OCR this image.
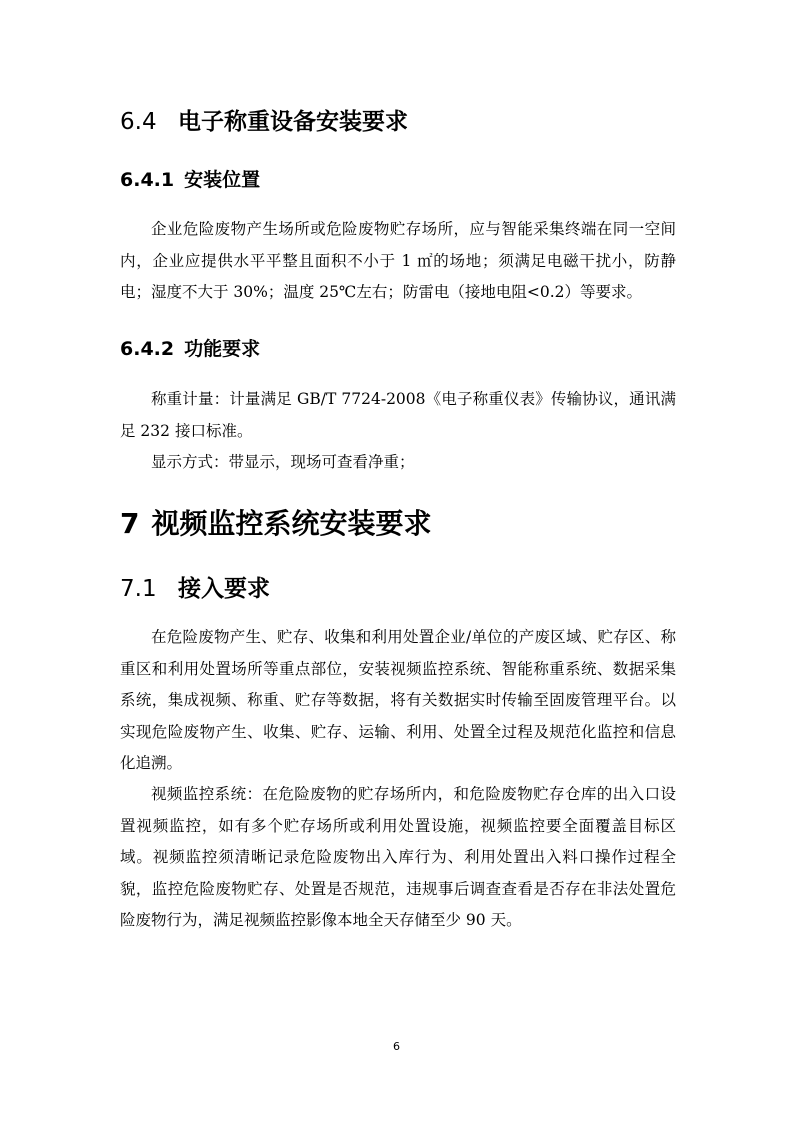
6.4 电子称重设备安装要求
6.4.1 安装位置

企业危险废物产生场所或危险废物贮存场所，应与智能采集终端在同一空间内，企业应提供水平平整且面积不小于 1 ㎡的场地；须满足电磁干扰小，防静电；湿度不大于 30%；温度 25℃左右；防雷电（接地电阻<0.2）等要求。

6.4.2 功能要求

称重计量：计量满足 GB/T 7724-2008《电子称重仪表》传输协议，通讯满足 232 接口标准。

显示方式：带显示，现场可查看净重；

7 视频监控系统安装要求
7.1 接入要求

在危险废物产生、贮存、收集和利用处置企业/单位的产废区域、贮存区、称重区和利用处置场所等重点部位，安装视频监控系统、智能称重系统、数据采集系统，集成视频、称重、贮存等数据，将有关数据实时传输至固废管理平台。以实现危险废物产生、收集、贮存、运输、利用、处置全过程及规范化监控和信息化追溯。

视频监控系统：在危险废物的贮存场所内，和危险废物贮存仓库的出入口设置视频监控，如有多个贮存场所或利用处置设施，视频监控要全面覆盖目标区域。视频监控须清晰记录危险废物出入库行为、利用处置出入料口操作过程全貌，监控危险废物贮存、处置是否规范，违规事后调查查看是否存在非法处置危险废物行为，满足视频监控影像本地全天存储至少 90 天。

6
